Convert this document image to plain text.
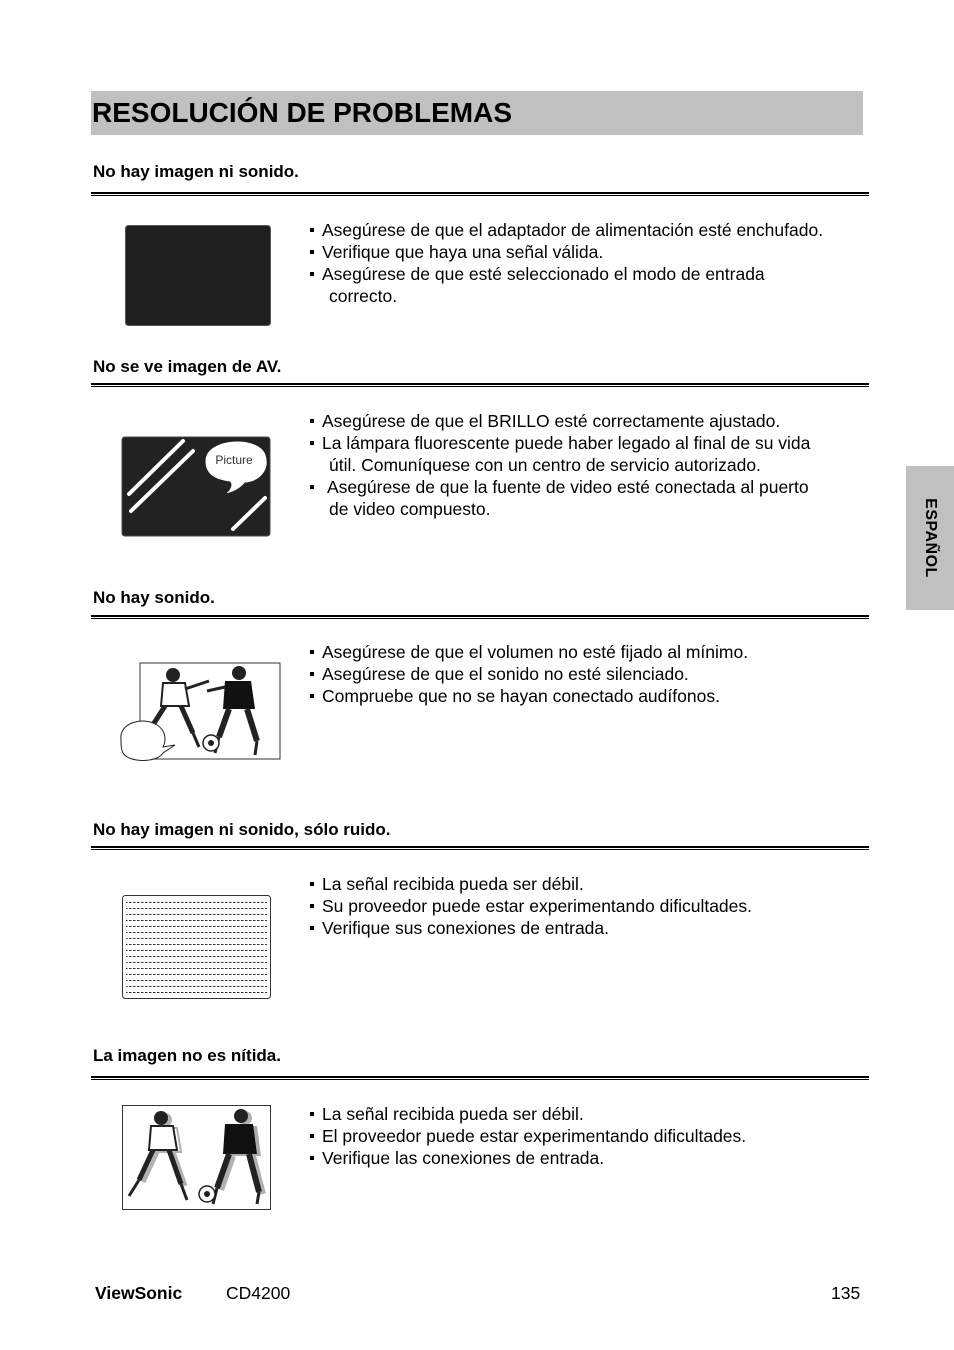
RESOLUCIÓN DE PROBLEMAS
ESPAÑOL
No hay imagen ni sonido.
Asegúrese de que el adaptador de alimentación esté enchufado.
Verifique que haya una señal válida.
Asegúrese de que esté seleccionado el modo de entrada
correcto.
No se ve imagen de AV.
Picture
Asegúrese de que el BRILLO esté correctamente ajustado.
La lámpara fluorescente puede haber legado al final de su vida
útil. Comuníquese con un centro de servicio autorizado.
Asegúrese de que la fuente de video esté conectada al puerto
de video compuesto.
No hay sonido.
Asegúrese de que el volumen no esté fijado al mínimo.
Asegúrese de que el sonido no esté silenciado.
Compruebe que no se hayan conectado audífonos.
No hay imagen ni sonido, sólo ruido.
La señal recibida pueda ser débil.
Su proveedor puede estar experimentando dificultades.
Verifique sus conexiones de entrada.
La imagen no es nítida.
La señal recibida pueda ser débil.
El proveedor puede estar experimentando dificultades.
Verifique las conexiones de entrada.
ViewSonic	CD4200	135
